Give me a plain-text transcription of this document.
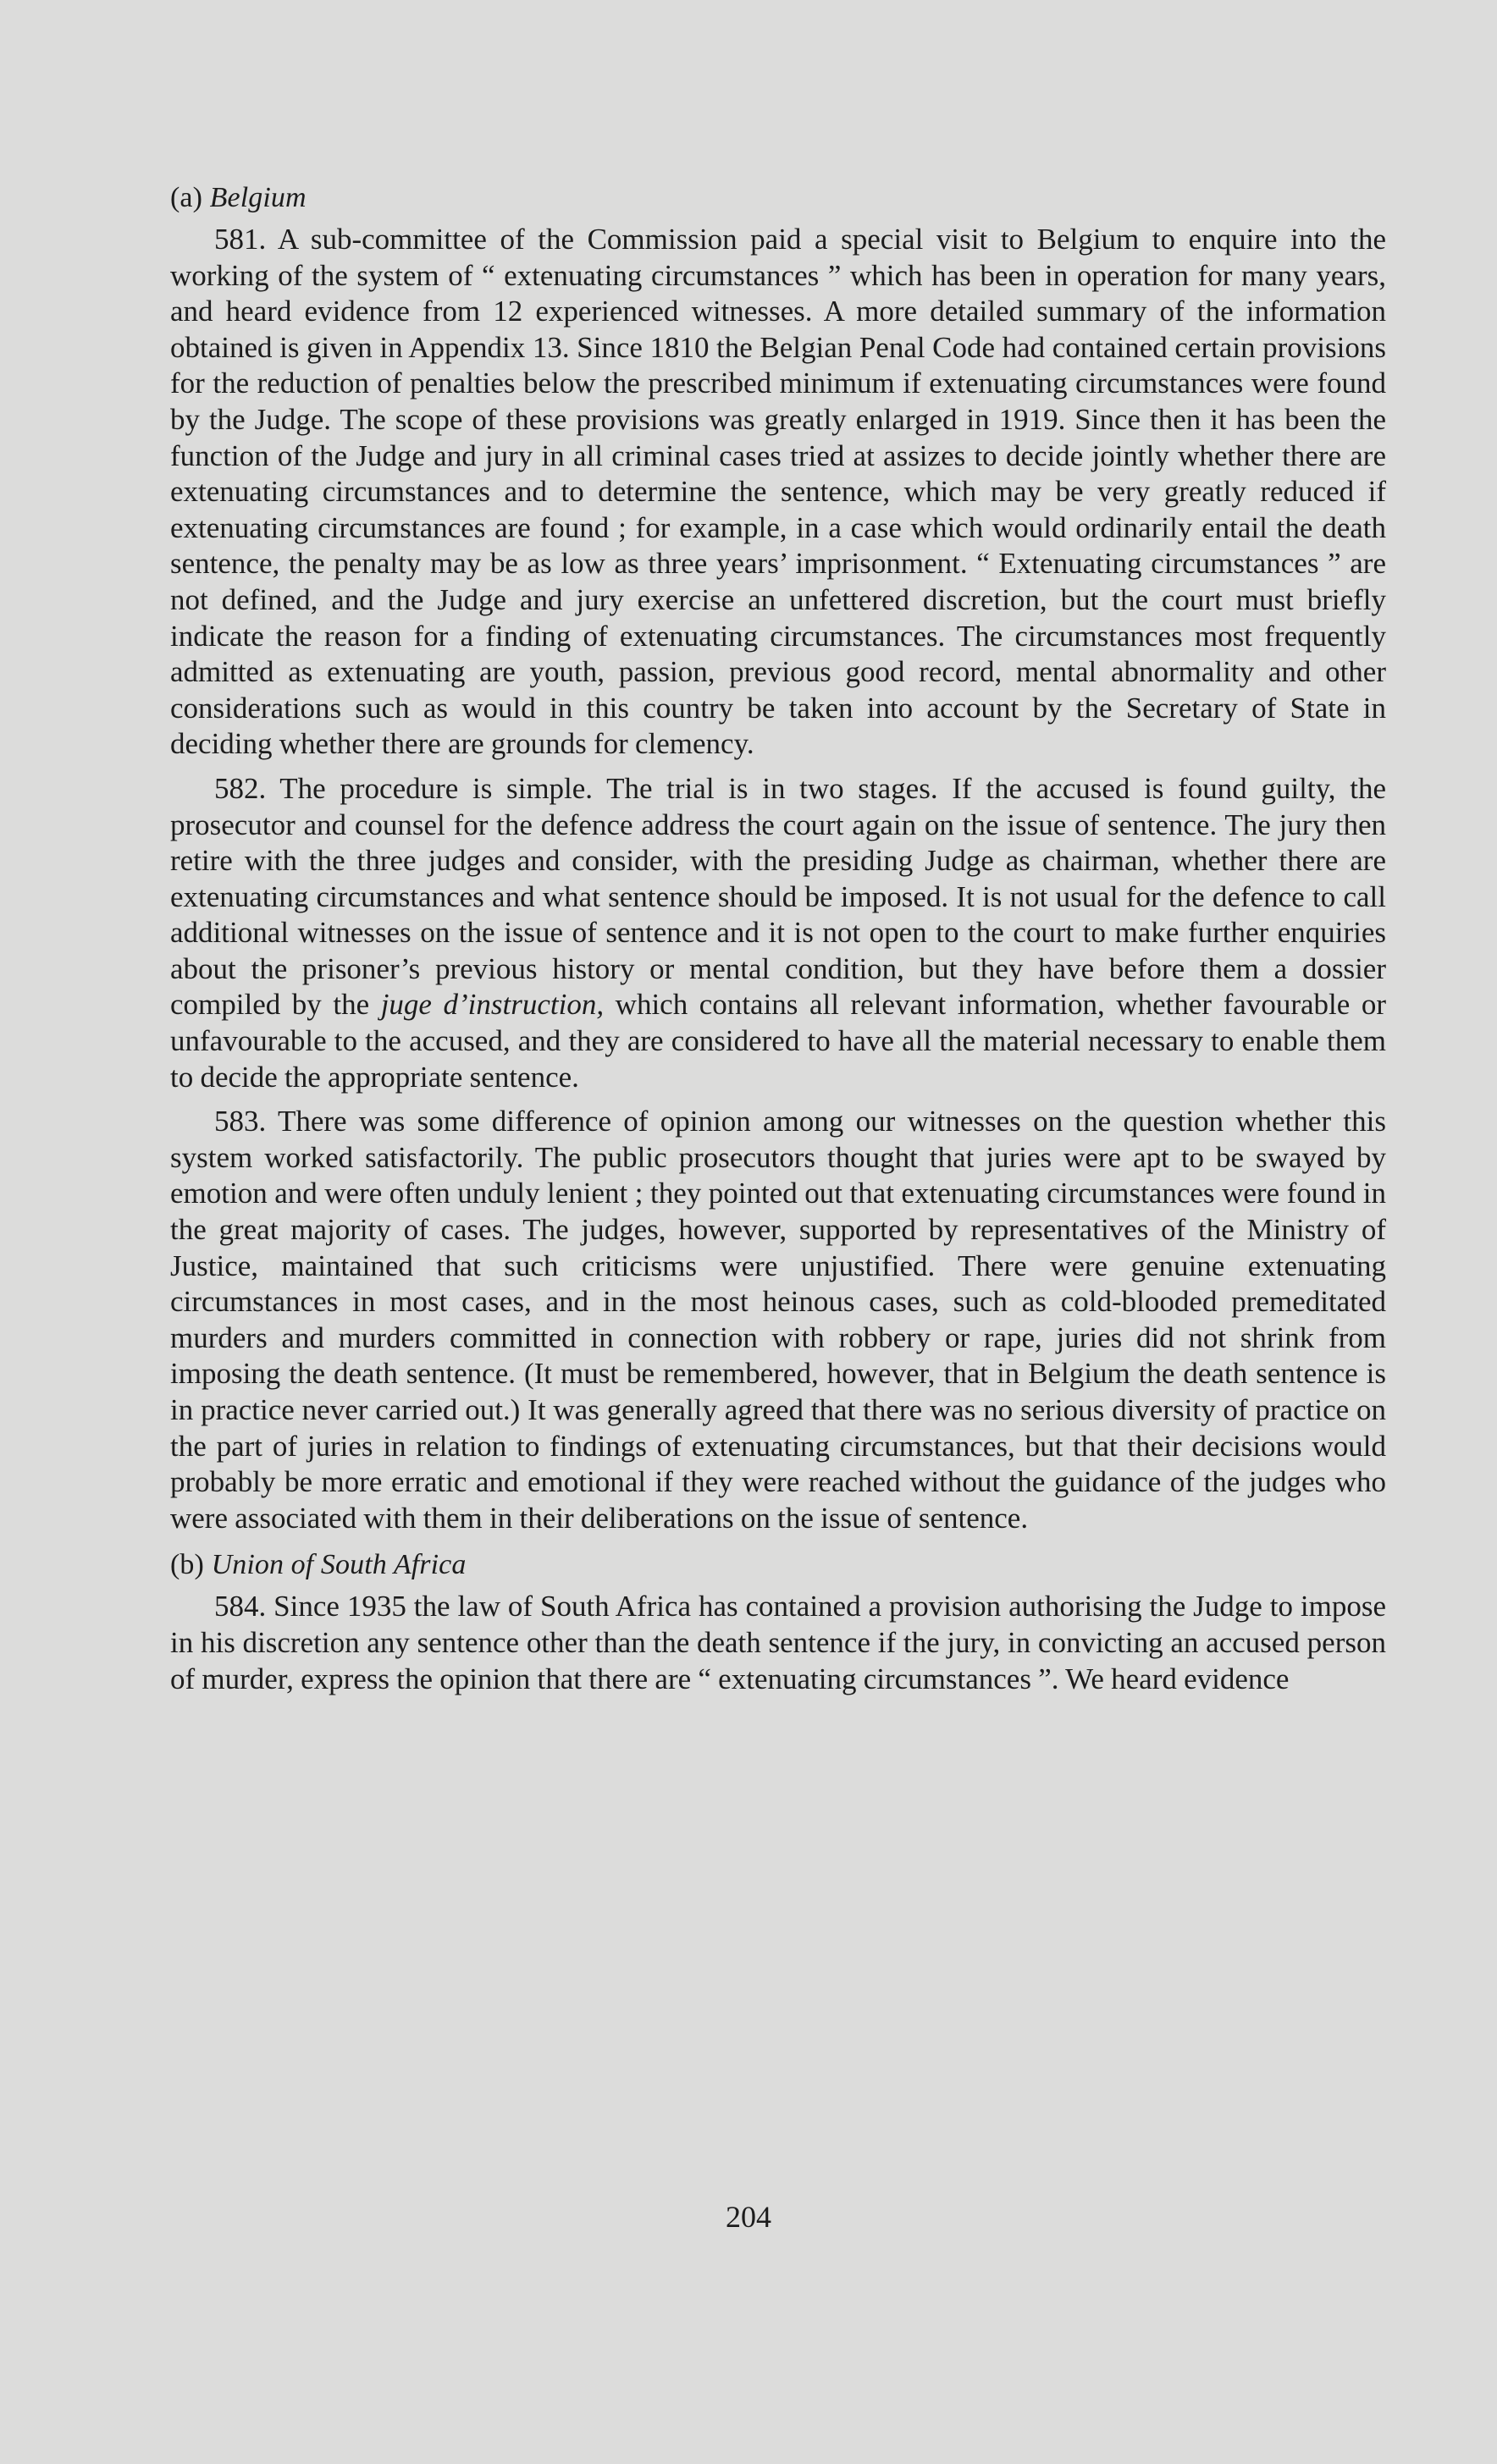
(a) Belgium

581. A sub-committee of the Commission paid a special visit to Belgium to enquire into the working of the system of “ extenuating circumstances ” which has been in operation for many years, and heard evidence from 12 experienced witnesses. A more detailed summary of the information obtained is given in Appendix 13. Since 1810 the Belgian Penal Code had contained certain provisions for the reduction of penalties below the prescribed minimum if extenuating circumstances were found by the Judge. The scope of these provisions was greatly enlarged in 1919. Since then it has been the function of the Judge and jury in all criminal cases tried at assizes to decide jointly whether there are extenuating circumstances and to determine the sentence, which may be very greatly reduced if extenuating circumstances are found ; for example, in a case which would ordinarily entail the death sentence, the penalty may be as low as three years’ imprisonment. “ Extenuating circumstances ” are not defined, and the Judge and jury exercise an unfettered discretion, but the court must briefly indicate the reason for a finding of extenuating circumstances. The circumstances most frequently admitted as extenuating are youth, passion, previous good record, mental abnormality and other considerations such as would in this country be taken into account by the Secretary of State in deciding whether there are grounds for clemency.

582. The procedure is simple. The trial is in two stages. If the accused is found guilty, the prosecutor and counsel for the defence address the court again on the issue of sentence. The jury then retire with the three judges and consider, with the presiding Judge as chairman, whether there are extenuating circumstances and what sentence should be imposed. It is not usual for the defence to call additional witnesses on the issue of sentence and it is not open to the court to make further enquiries about the prisoner’s previous history or mental condition, but they have before them a dossier compiled by the juge d’instruction, which contains all relevant information, whether favourable or unfavourable to the accused, and they are considered to have all the material necessary to enable them to decide the appropriate sentence.

583. There was some difference of opinion among our witnesses on the question whether this system worked satisfactorily. The public prosecutors thought that juries were apt to be swayed by emotion and were often unduly lenient ; they pointed out that extenuating circumstances were found in the great majority of cases. The judges, however, supported by representatives of the Ministry of Justice, maintained that such criticisms were unjustified. There were genuine extenuating circumstances in most cases, and in the most heinous cases, such as cold-blooded premeditated murders and murders committed in connection with robbery or rape, juries did not shrink from imposing the death sentence. (It must be remembered, however, that in Belgium the death sentence is in practice never carried out.) It was generally agreed that there was no serious diversity of practice on the part of juries in relation to findings of extenuating circumstances, but that their decisions would probably be more erratic and emotional if they were reached without the guidance of the judges who were associated with them in their deliberations on the issue of sentence.

(b) Union of South Africa

584. Since 1935 the law of South Africa has contained a provision authorising the Judge to impose in his discretion any sentence other than the death sentence if the jury, in convicting an accused person of murder, express the opinion that there are “ extenuating circumstances ”. We heard evidence

204
